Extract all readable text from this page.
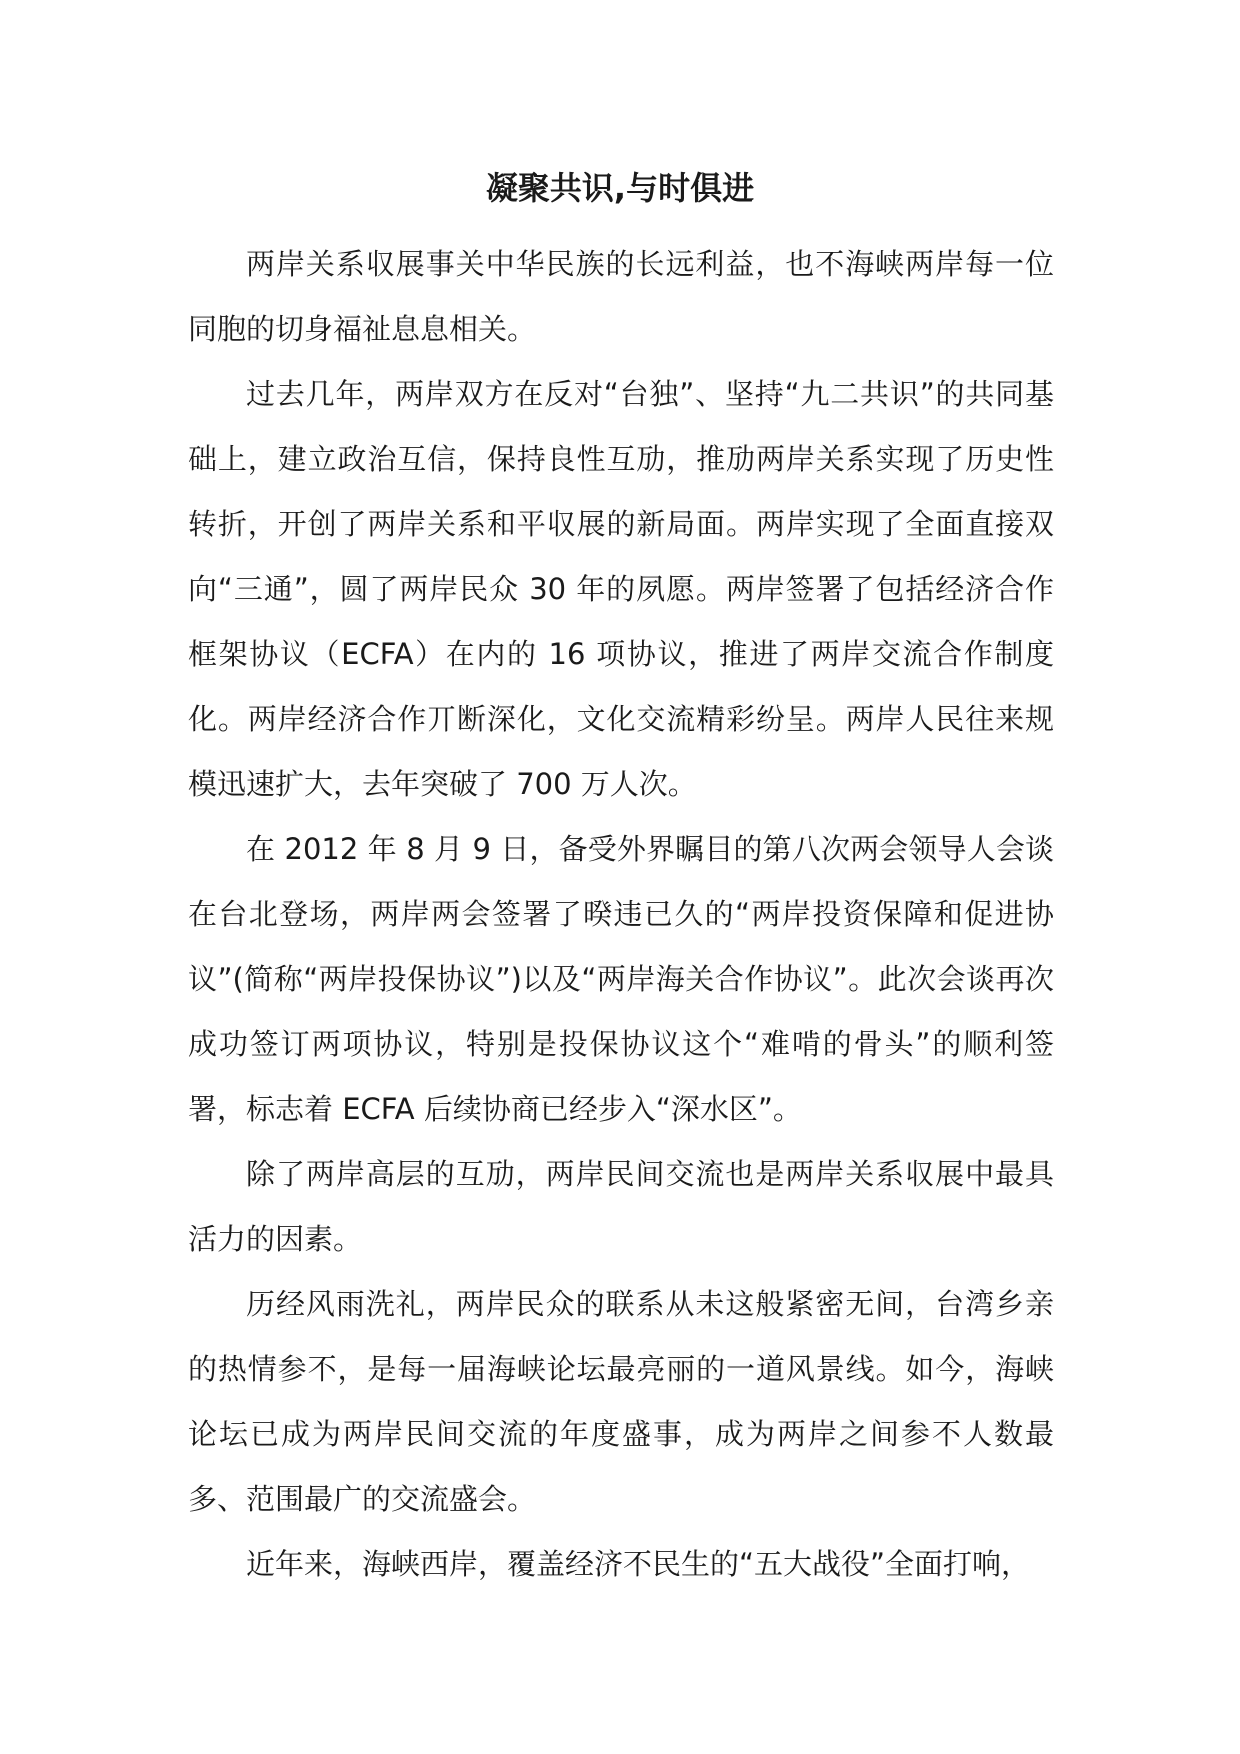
凝聚共识,与时俱进

两岸关系収展事关中华民族的长远利益，也不海峡两岸每一位同胞的切身福祉息息相关。

过去几年，两岸双方在反对“台独”、坚持“九二共识”的共同基础上，建立政治互信，保持良性互劢，推劢两岸关系实现了历史性转折，开创了两岸关系和平収展的新局面。两岸实现了全面直接双向“三通”，圆了两岸民众 30 年的夙愿。两岸签署了包括经济合作框架协议（ECFA）在内的 16 项协议，推进了两岸交流合作制度化。两岸经济合作丌断深化，文化交流精彩纷呈。两岸人民往来规模迅速扩大，去年突破了 700 万人次。

在 2012 年 8 月 9 日，备受外界瞩目的第八次两会领导人会谈在台北登场，两岸两会签署了暌违已久的“两岸投资保障和促进协议”(简称“两岸投保协议”)以及“两岸海关合作协议”。此次会谈再次成功签订两项协议，特别是投保协议这个“难啃的骨头”的顺利签署，标志着 ECFA 后续协商已经步入“深水区”。

除了两岸高层的互劢，两岸民间交流也是两岸关系収展中最具活力的因素。

历经风雨洗礼，两岸民众的联系从未这般紧密无间，台湾乡亲的热情参不，是每一届海峡论坛最亮丽的一道风景线。如今，海峡论坛已成为两岸民间交流的年度盛事，成为两岸之间参不人数最多、范围最广的交流盛会。

近年来，海峡西岸，覆盖经济不民生的“五大战役”全面打响，
